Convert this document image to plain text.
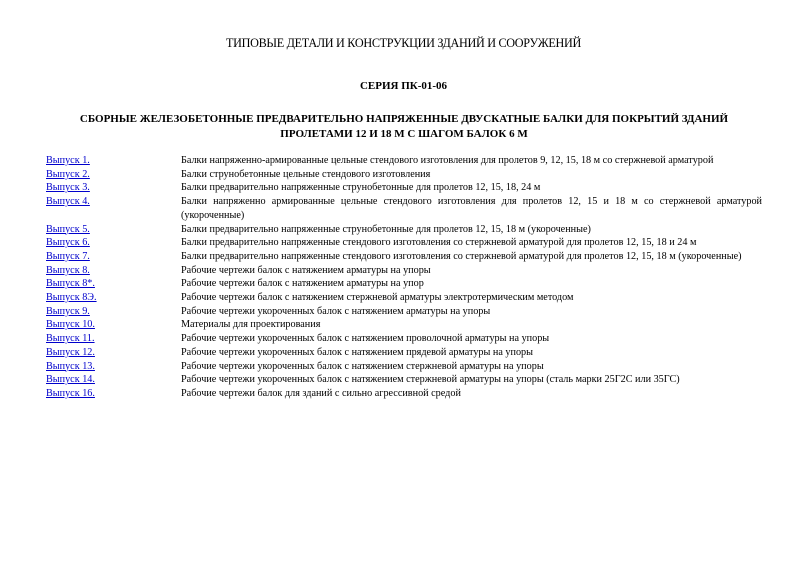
ТИПОВЫЕ ДЕТАЛИ И КОНСТРУКЦИИ ЗДАНИЙ И СООРУЖЕНИЙ
СЕРИЯ ПК-01-06
СБОРНЫЕ ЖЕЛЕЗОБЕТОННЫЕ ПРЕДВАРИТЕЛЬНО НАПРЯЖЕННЫЕ ДВУСКАТНЫЕ БАЛКИ ДЛЯ ПОКРЫТИЙ ЗДАНИЙ ПРОЛЕТАМИ 12 И 18 М С ШАГОМ БАЛОК 6 М
Выпуск 1.	Балки напряженно-армированные цельные стендового изготовления для пролетов 9, 12, 15, 18 м со стержневой арматурой
Выпуск 2.	Балки струнобетонные цельные стендового изготовления
Выпуск 3.	Балки предварительно напряженные струнобетонные для пролетов 12, 15, 18, 24 м
Выпуск 4.	Балки напряженно армированные цельные стендового изготовления для пролетов 12, 15 и 18 м со стержневой арматурой (укороченные)
Выпуск 5.	Балки предварительно напряженные струнобетонные для пролетов 12, 15, 18 м (укороченные)
Выпуск 6.	Балки предварительно напряженные стендового изготовления со стержневой арматурой для пролетов 12, 15, 18 и 24 м
Выпуск 7.	Балки предварительно напряженные стендового изготовления со стержневой арматурой для пролетов 12, 15, 18 м (укороченные)
Выпуск 8.	Рабочие чертежи балок с натяжением арматуры на упоры
Выпуск 8*.	Рабочие чертежи балок с натяжением арматуры на упор
Выпуск 8Э.	Рабочие чертежи балок с натяжением стержневой арматуры электротермическим методом
Выпуск 9.	Рабочие чертежи укороченных балок с натяжением арматуры на упоры
Выпуск 10.	Материалы для проектирования
Выпуск 11.	Рабочие чертежи укороченных балок с натяжением проволочной арматуры на упоры
Выпуск 12.	Рабочие чертежи укороченных балок с натяжением прядевой арматуры на упоры
Выпуск 13.	Рабочие чертежи укороченных балок с натяжением стержневой арматуры на упоры
Выпуск 14.	Рабочие чертежи укороченных балок с натяжением стержневой арматуры на упоры (сталь марки 25Г2С или 35ГС)
Выпуск 16.	Рабочие чертежи балок для зданий с сильно агрессивной средой
